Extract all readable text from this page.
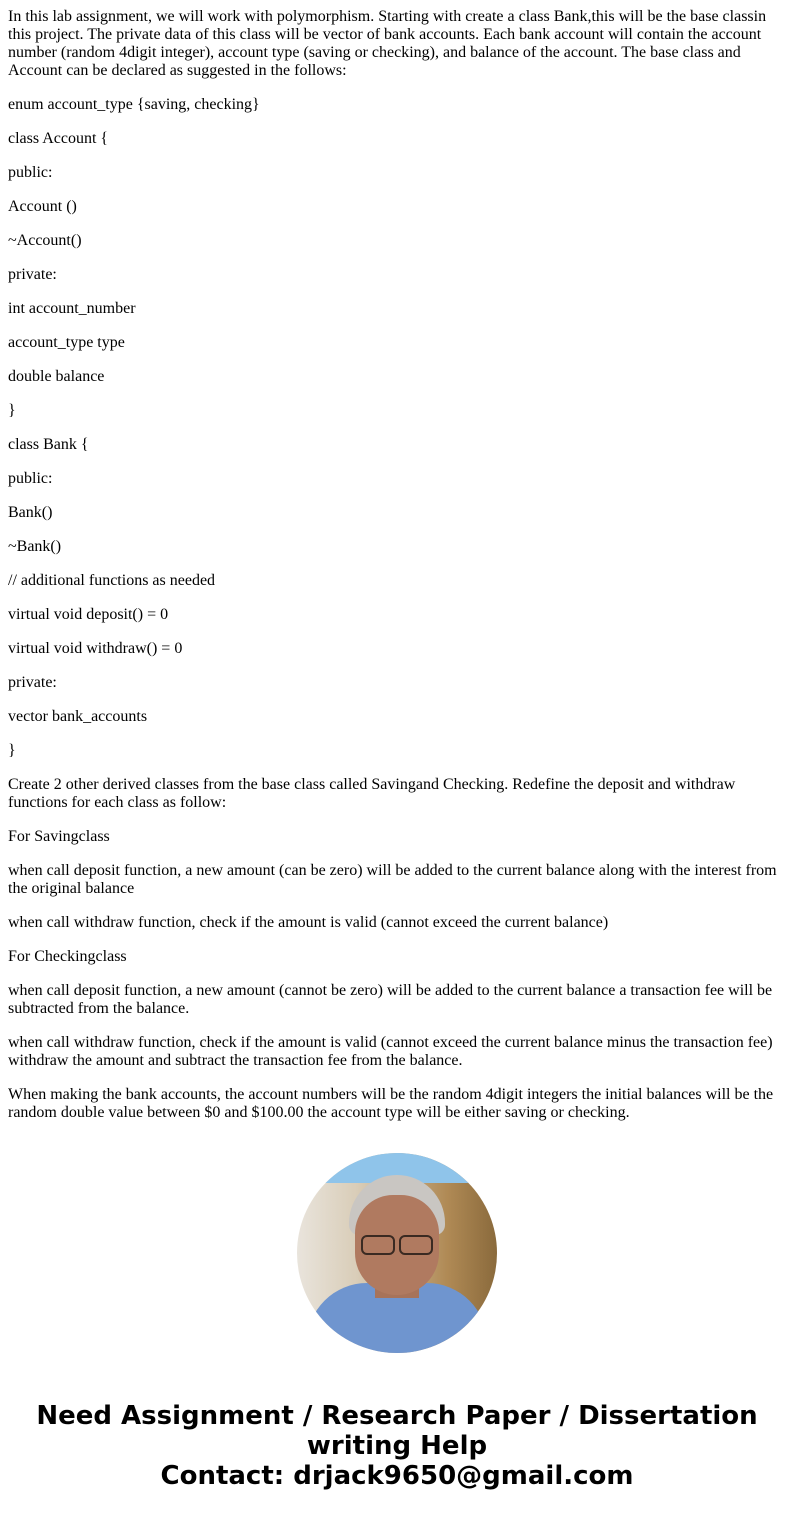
In this lab assignment, we will work with polymorphism. Starting with create a class Bank,this will be the base classin this project. The private data of this class will be vector of bank accounts. Each bank account will contain the account number (random 4digit integer), account type (saving or checking), and balance of the account. The base class and Account can be declared as suggested in the follows:

enum account_type {saving, checking}

class Account {

public:

Account ()

~Account()

private:

int account_number

account_type type

double balance

}

class Bank {

public:

Bank()

~Bank()

// additional functions as needed

virtual void deposit() = 0

virtual void withdraw() = 0

private:

vector bank_accounts

}

Create 2 other derived classes from the base class called Savingand Checking. Redefine the deposit and withdraw functions for each class as follow:

For Savingclass

when call deposit function, a new amount (can be zero) will be added to the current balance along with the interest from the original balance

when call withdraw function, check if the amount is valid (cannot exceed the current balance)

For Checkingclass

when call deposit function, a new amount (cannot be zero) will be added to the current balance a transaction fee will be subtracted from the balance.

when call withdraw function, check if the amount is valid (cannot exceed the current balance minus the transaction fee) withdraw the amount and subtract the transaction fee from the balance.

When making the bank accounts, the account numbers will be the random 4digit integers the initial balances will be the random double value between $0 and $100.00 the account type will be either saving or checking.

Need Assignment / Research Paper / Dissertation writing Help
Contact: drjack9650@gmail.com
